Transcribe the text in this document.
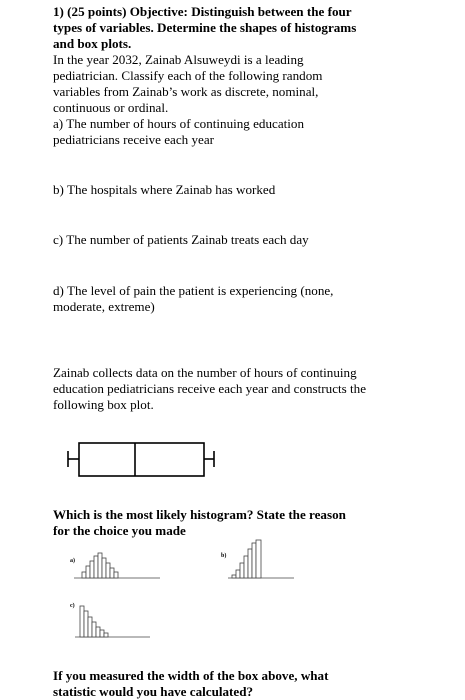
1) (25 points) Objective: Distinguish between the four
types of variables. Determine the shapes of histograms
and box plots.
In the year 2032, Zainab Alsuweydi is a leading
pediatrician. Classify each of the following random
variables from Zainab’s work as discrete, nominal,
continuous or ordinal.
a) The number of hours of continuing education
pediatricians receive each year
b) The hospitals where Zainab has worked
c) The number of patients Zainab treats each day
d) The level of pain the patient is experiencing (none,
moderate, extreme)
Zainab collects data on the number of hours of continuing
education pediatricians receive each year and constructs the
following box plot.
a)
b)
c)
Which is the most likely histogram? State the reason
for the choice you made
If you measured the width of the box above, what
statistic would you have calculated?
